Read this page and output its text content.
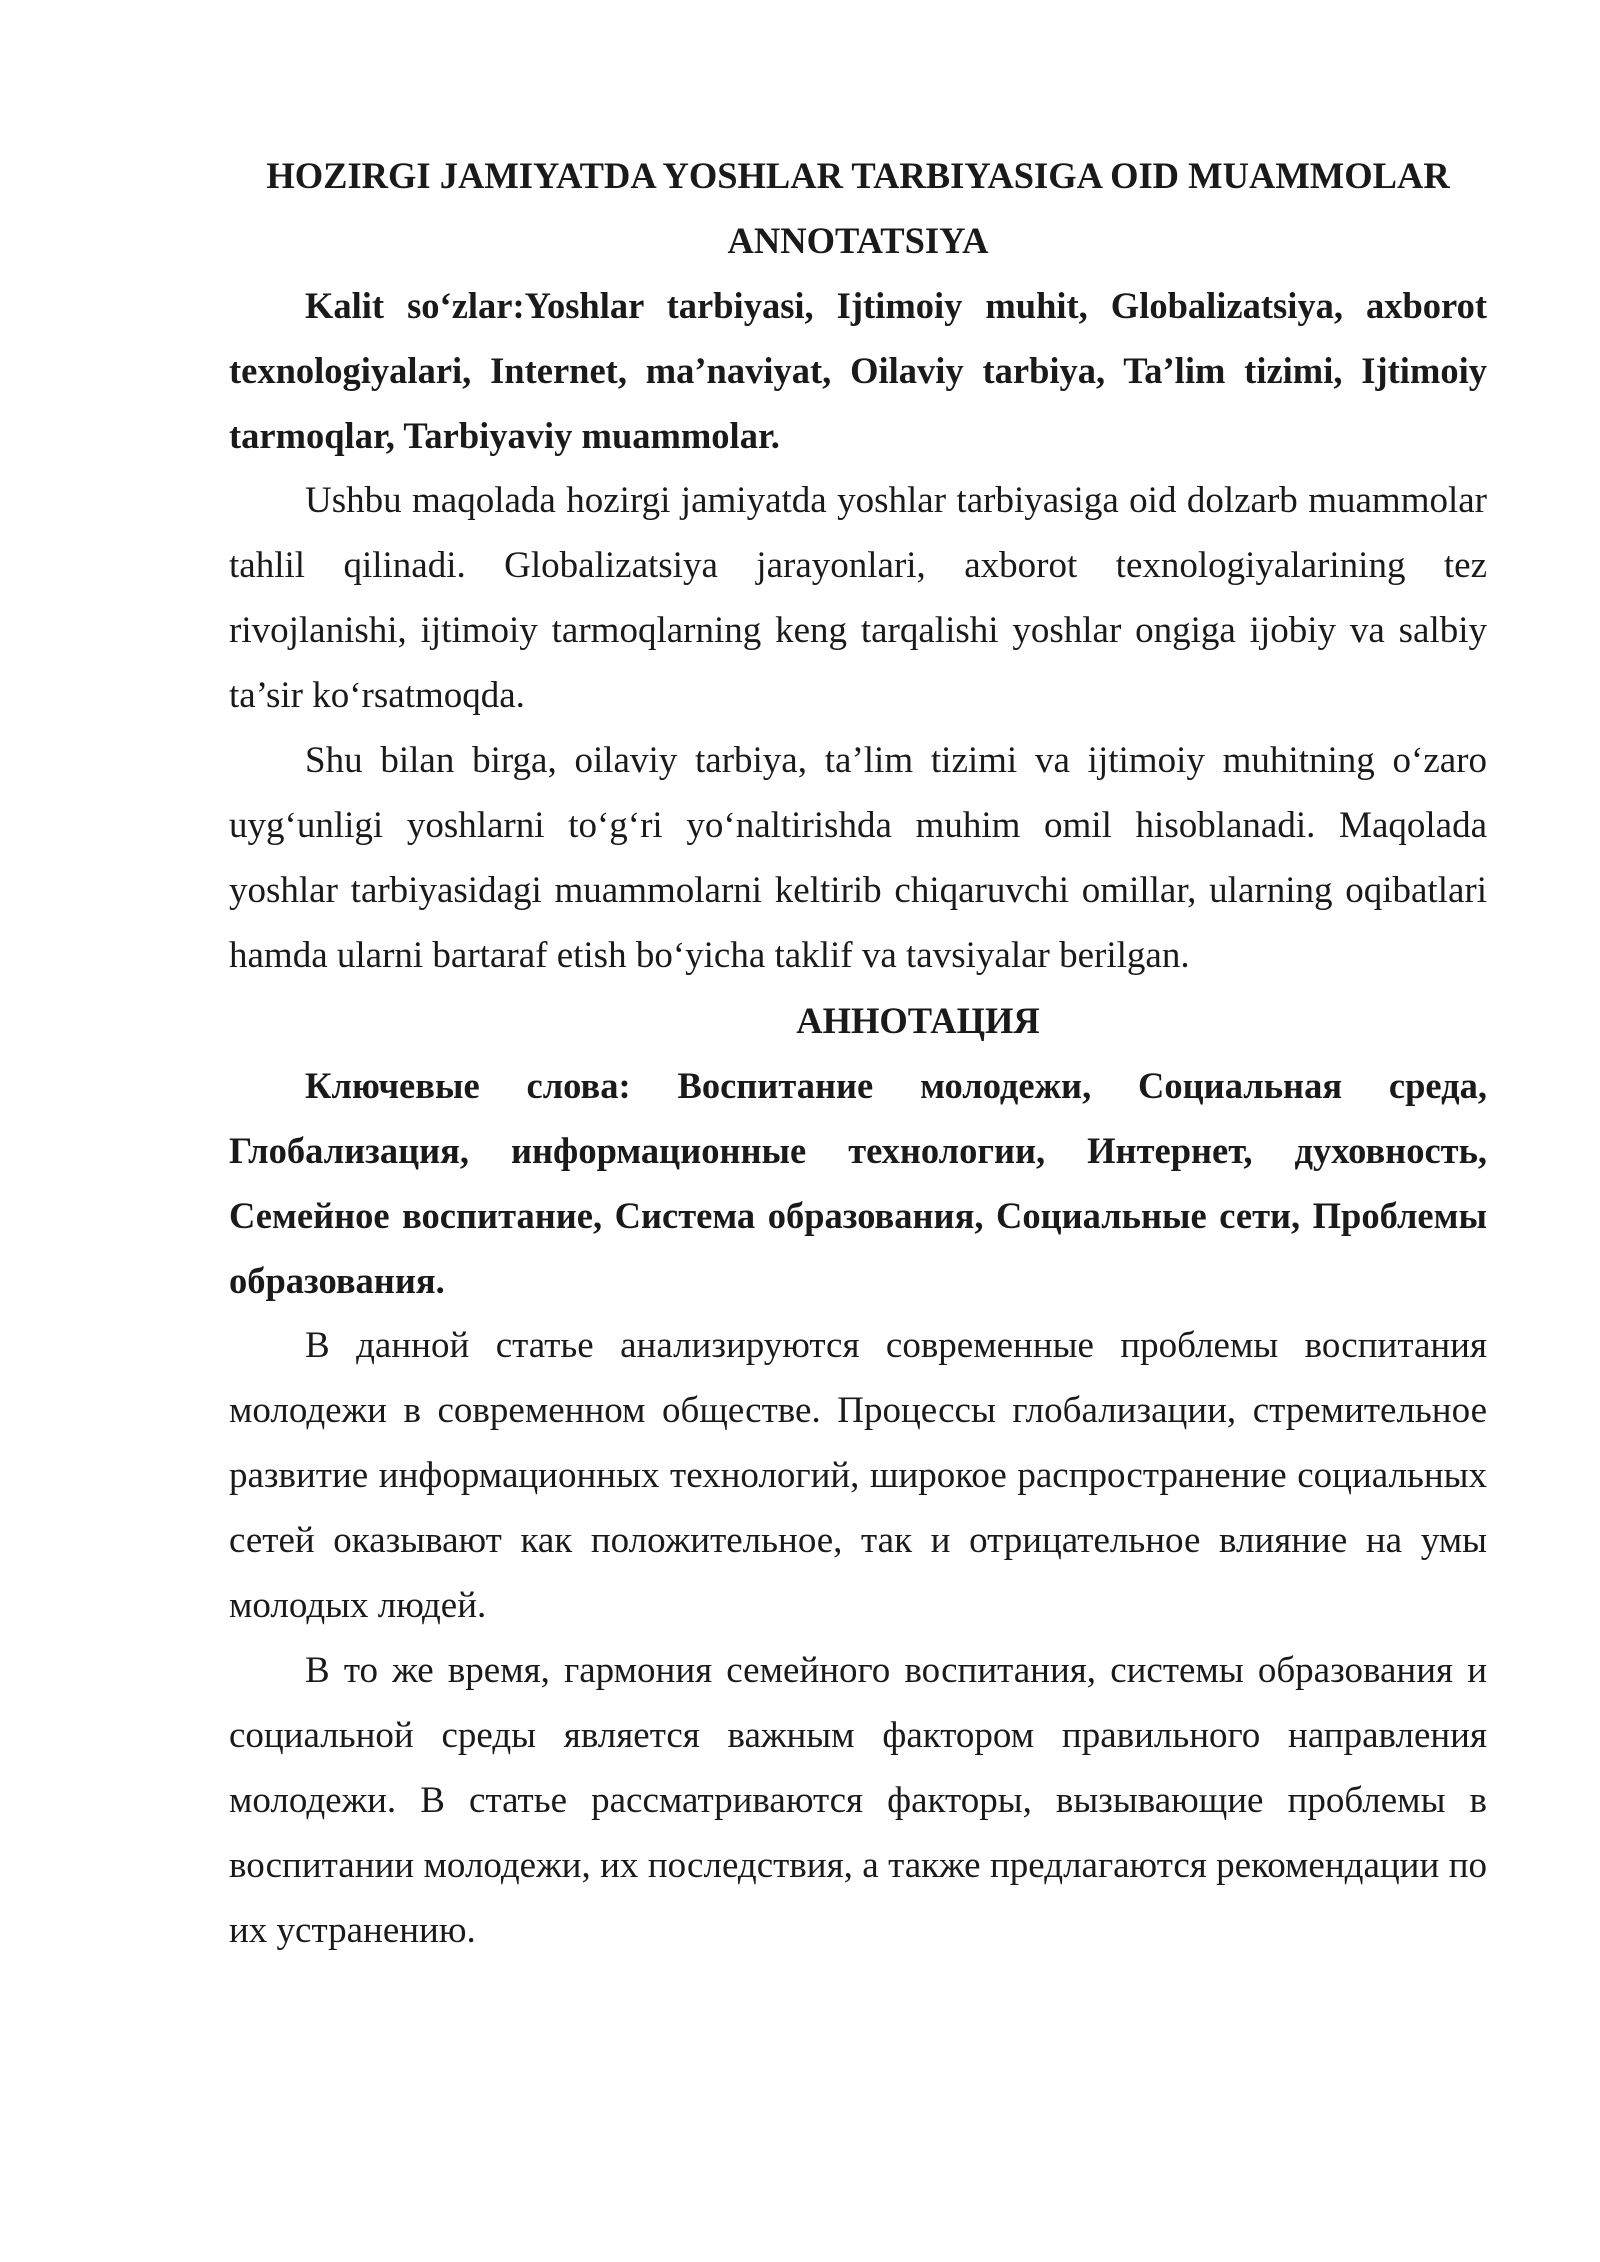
HOZIRGI JAMIYATDA YOSHLAR TARBIYASIGA OID MUAMMOLAR

ANNOTATSIYA

Kalit so‘zlar:Yoshlar tarbiyasi, Ijtimoiy muhit, Globalizatsiya, axborot texnologiyalari, Internet, ma’naviyat, Oilaviy tarbiya, Ta’lim tizimi, Ijtimoiy tarmoqlar, Tarbiyaviy muammolar.

Ushbu maqolada hozirgi jamiyatda yoshlar tarbiyasiga oid dolzarb muammolar tahlil qilinadi. Globalizatsiya jarayonlari, axborot texnologiyalarining tez rivojlanishi, ijtimoiy tarmoqlarning keng tarqalishi yoshlar ongiga ijobiy va salbiy ta’sir ko‘rsatmoqda.

Shu bilan birga, oilaviy tarbiya, ta’lim tizimi va ijtimoiy muhitning o‘zaro uyg‘unligi yoshlarni to‘g‘ri yo‘naltirishda muhim omil hisoblanadi. Maqolada yoshlar tarbiyasidagi muammolarni keltirib chiqaruvchi omillar, ularning oqibatlari hamda ularni bartaraf etish bo‘yicha taklif va tavsiyalar berilgan.

АННОТАЦИЯ

Ключевые слова: Воспитание молодежи, Социальная среда, Глобализация, информационные технологии, Интернет, духовность, Семейное воспитание, Система образования, Социальные сети, Проблемы образования.

В данной статье анализируются современные проблемы воспитания молодежи в современном обществе. Процессы глобализации, стремительное развитие информационных технологий, широкое распространение социальных сетей оказывают как положительное, так и отрицательное влияние на умы молодых людей.

В то же время, гармония семейного воспитания, системы образования и социальной среды является важным фактором правильного направления молодежи. В статье рассматриваются факторы, вызывающие проблемы в воспитании молодежи, их последствия, а также предлагаются рекомендации по их устранению.
